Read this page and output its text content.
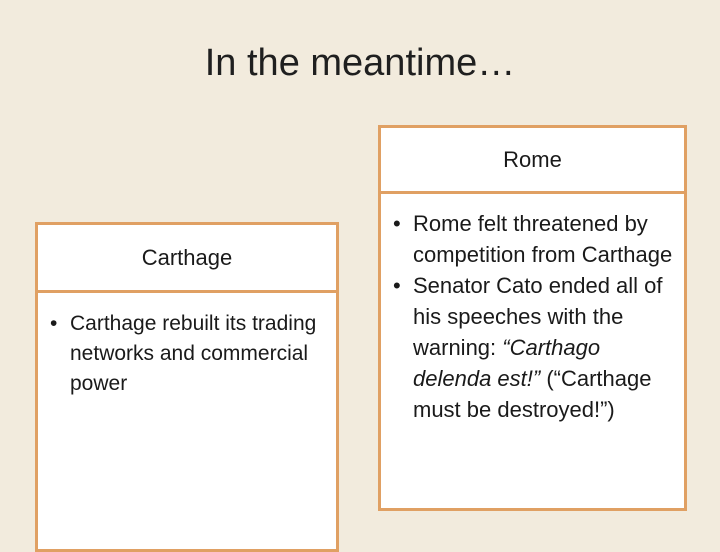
In the meantime…
Carthage
• Carthage rebuilt its trading networks and commercial power
Rome
• Rome felt threatened by competition from Carthage
• Senator Cato ended all of his speeches with the warning: “Carthago delenda est!” (“Carthage must be destroyed!”)
